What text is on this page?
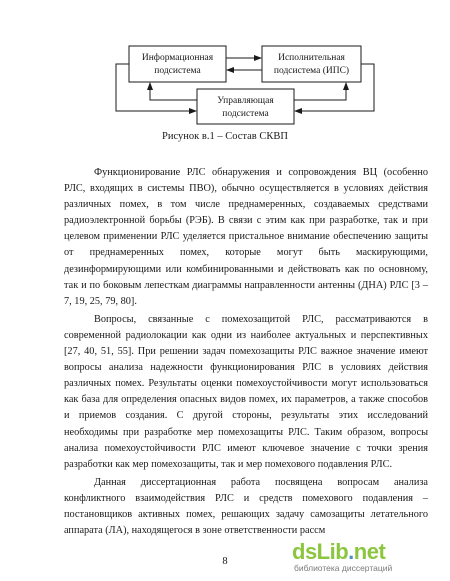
Информационная
подсистема
Исполнительная
подсистема (ИПС)
Управляющая
подсистема
Рисунок в.1 – Состав СКВП

Функционирование РЛС обнаружения и сопровождения ВЦ (особенно РЛС, входящих в системы ПВО), обычно осуществляется в условиях действия различных помех, в том числе преднамеренных, создаваемых средствами радиоэлектронной борьбы (РЭБ). В связи с этим как при разработке, так и при целевом применении РЛС уделяется пристальное внимание обеспечению защиты от преднамеренных помех, которые могут быть маскирующими, дезинформирующими или комбинированными и действовать как по основному, так и по боковым лепесткам диаграммы направленности антенны (ДНА) РЛС [3 – 7, 19, 25, 79, 80].

Вопросы, связанные с помехозащитой РЛС, рассматриваются в современной радиолокации как одни из наиболее актуальных и перспективных [27, 40, 51, 55]. При решении задач помехозащиты РЛС важное значение имеют вопросы анализа надежности функционирования РЛС в условиях действия различных помех. Результаты оценки помехоустойчивости могут использоваться как база для определения опасных видов помех, их параметров, а также способов и приемов создания. С другой стороны, результаты этих исследований необходимы при разработке мер помехозащиты РЛС. Таким образом, вопросы анализа помехоустойчивости РЛС имеют ключевое значение с точки зрения разработки как мер помехозащиты, так и мер помехового подавления РЛС.

Данная диссертационная работа посвящена вопросам анализа конфликтного взаимодействия РЛС и средств помехового подавления – постановщиков активных помех, решающих задачу самозащиты летательного аппарата (ЛА), находящегося в зоне ответственности рассм

8	dsLib.net
библиотека диссертаций
